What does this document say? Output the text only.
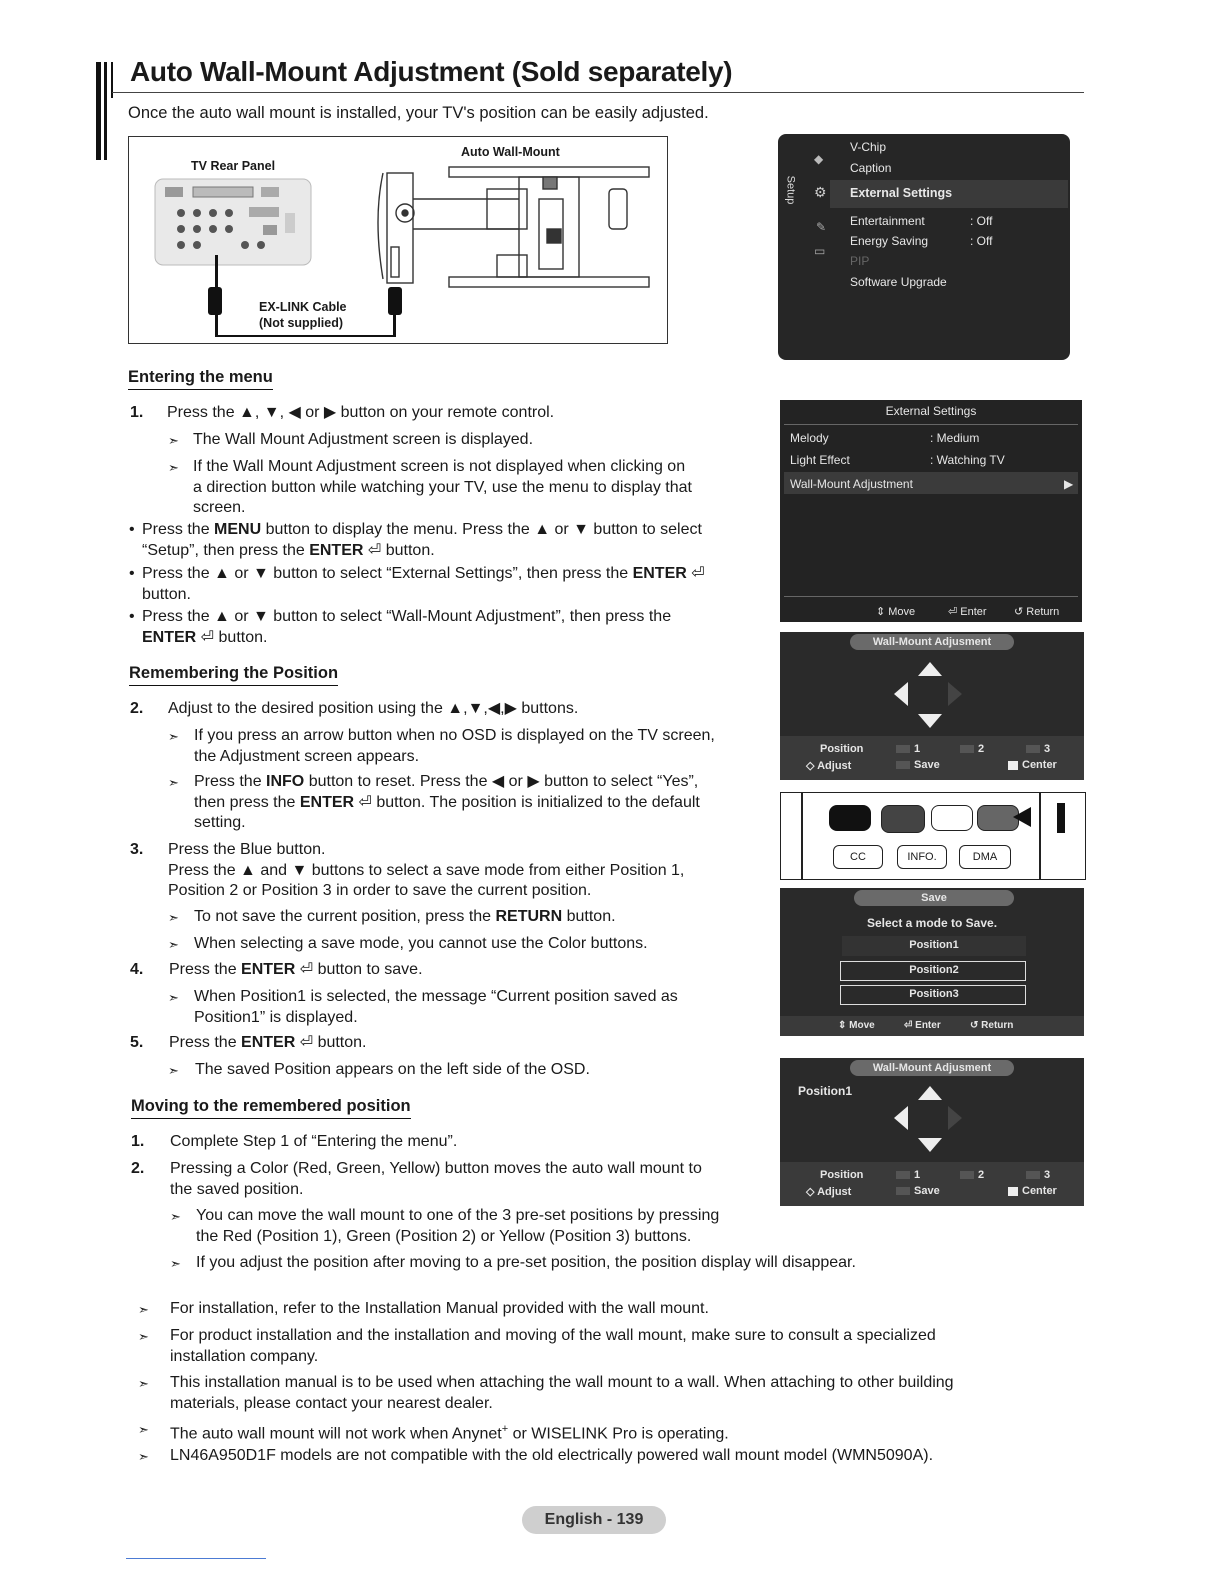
Auto Wall-Mount Adjustment (Sold separately)
Once the auto wall mount is installed, your TV's position can be easily adjusted.
TV Rear Panel
Auto Wall-Mount
EX-LINK Cable
(Not supplied)
Setup
◆
⚙
✎
▭
V-Chip
Caption
External Settings
Entertainment	: Off
Energy Saving	: Off
PIP
Software Upgrade
External Settings
Melody	: Medium
Light Effect	: Watching TV
Wall-Mount Adjustment	▶
⇕ Move	⏎ Enter ↺ Return
Wall-Mount Adjusment
Position	1	2	3
◇ Adjust	Save	Center
CC	INFO.	DMA
Save
Select a mode to Save.
Position1
Position2
Position3
⇕ Move	⏎ Enter	↺ Return
Wall-Mount Adjusment
Position1
Position	1	2	3
◇ Adjust	Save	Center
Entering the menu
1. Press the ▲, ▼, ◀ or ▶ button on your remote control.
➣ The Wall Mount Adjustment screen is displayed.
➣ If the Wall Mount Adjustment screen is not displayed when clicking on
a direction button while watching your TV, use the menu to display that
screen.
• Press the MENU button to display the menu. Press the ▲ or ▼ button to select
“Setup”, then press the ENTER ⏎ button.
• Press the ▲ or ▼ button to select “External Settings”, then press the ENTER ⏎
button.
• Press the ▲ or ▼ button to select “Wall-Mount Adjustment”, then press the
ENTER ⏎ button.
Remembering the Position
2. Adjust to the desired position using the ▲,▼,◀,▶ buttons.
➣ If you press an arrow button when no OSD is displayed on the TV screen,
the Adjustment screen appears.
➣ Press the INFO button to reset. Press the ◀ or ▶ button to select “Yes”,
then press the ENTER ⏎ button. The position is initialized to the default
setting.
3. Press the Blue button.
Press the ▲ and ▼ buttons to select a save mode from either Position 1,
Position 2 or Position 3 in order to save the current position.
➣ To not save the current position, press the RETURN button.
➣ When selecting a save mode, you cannot use the Color buttons.
4. Press the ENTER ⏎ button to save.
➣ When Position1 is selected, the message “Current position saved as
Position1” is displayed.
5. Press the ENTER ⏎ button.
➣ The saved Position appears on the left side of the OSD.
Moving to the remembered position
1. Complete Step 1 of “Entering the menu”.
2. Pressing a Color (Red, Green, Yellow) button moves the auto wall mount to
the saved position.
➣ You can move the wall mount to one of the 3 pre-set positions by pressing
the Red (Position 1), Green (Position 2) or Yellow (Position 3) buttons.
➣ If you adjust the position after moving to a pre-set position, the position display will disappear.
➣ For installation, refer to the Installation Manual provided with the wall mount.
➣ For product installation and the installation and moving of the wall mount, make sure to consult a specialized
installation company.
➣ This installation manual is to be used when attaching the wall mount to a wall. When attaching to other building
materials, please contact your nearest dealer.
➣ The auto wall mount will not work when Anynet+ or WISELINK Pro is operating.
➣ LN46A950D1F models are not compatible with the old electrically powered wall mount model (WMN5090A).
English - 139
